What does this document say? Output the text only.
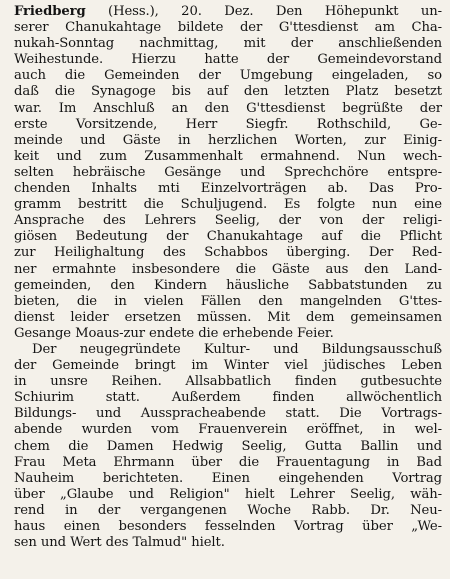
Friedberg (Hess.), 20. Dez. Den Höhepunkt un-
serer Chanukahtage bildete der G'ttesdienst am Cha-
nukah-Sonntag nachmittag, mit der anschließenden
Weihestunde. Hierzu hatte der Gemeindevorstand
auch die Gemeinden der Umgebung eingeladen, so
daß die Synagoge bis auf den letzten Platz besetzt
war. Im Anschluß an den G'ttesdienst begrüßte der
erste Vorsitzende, Herr Siegfr. Rothschild, Ge-
meinde und Gäste in herzlichen Worten, zur Einig-
keit und zum Zusammenhalt ermahnend. Nun wech-
selten hebräische Gesänge und Sprechchöre entspre-
chenden Inhalts mti Einzelvorträgen ab. Das Pro-
gramm bestritt die Schuljugend. Es folgte nun eine
Ansprache des Lehrers Seelig, der von der religi-
giösen Bedeutung der Chanukahtage auf die Pflicht
zur Heilighaltung des Schabbos überging. Der Red-
ner ermahnte insbesondere die Gäste aus den Land-
gemeinden, den Kindern häusliche Sabbatstunden zu
bieten, die in vielen Fällen den mangelnden G'ttes-
dienst leider ersetzen müssen. Mit dem gemeinsamen
Gesange Moaus-zur endete die erhebende Feier.
Der neugegründete Kultur- und Bildungsausschuß
der Gemeinde bringt im Winter viel jüdisches Leben
in unsre Reihen. Allsabbatlich finden gutbesuchte
Schiurim statt. Außerdem finden allwöchentlich
Bildungs- und Ausspracheabende statt. Die Vortrags-
abende wurden vom Frauenverein eröffnet, in wel-
chem die Damen Hedwig Seelig, Gutta Ballin und
Frau Meta Ehrmann über die Frauentagung in Bad
Nauheim berichteten. Einen eingehenden Vortrag
über „Glaube und Religion" hielt Lehrer Seelig, wäh-
rend in der vergangenen Woche Rabb. Dr. Neu-
haus einen besonders fesselnden Vortrag über „We-
sen und Wert des Talmud" hielt.
